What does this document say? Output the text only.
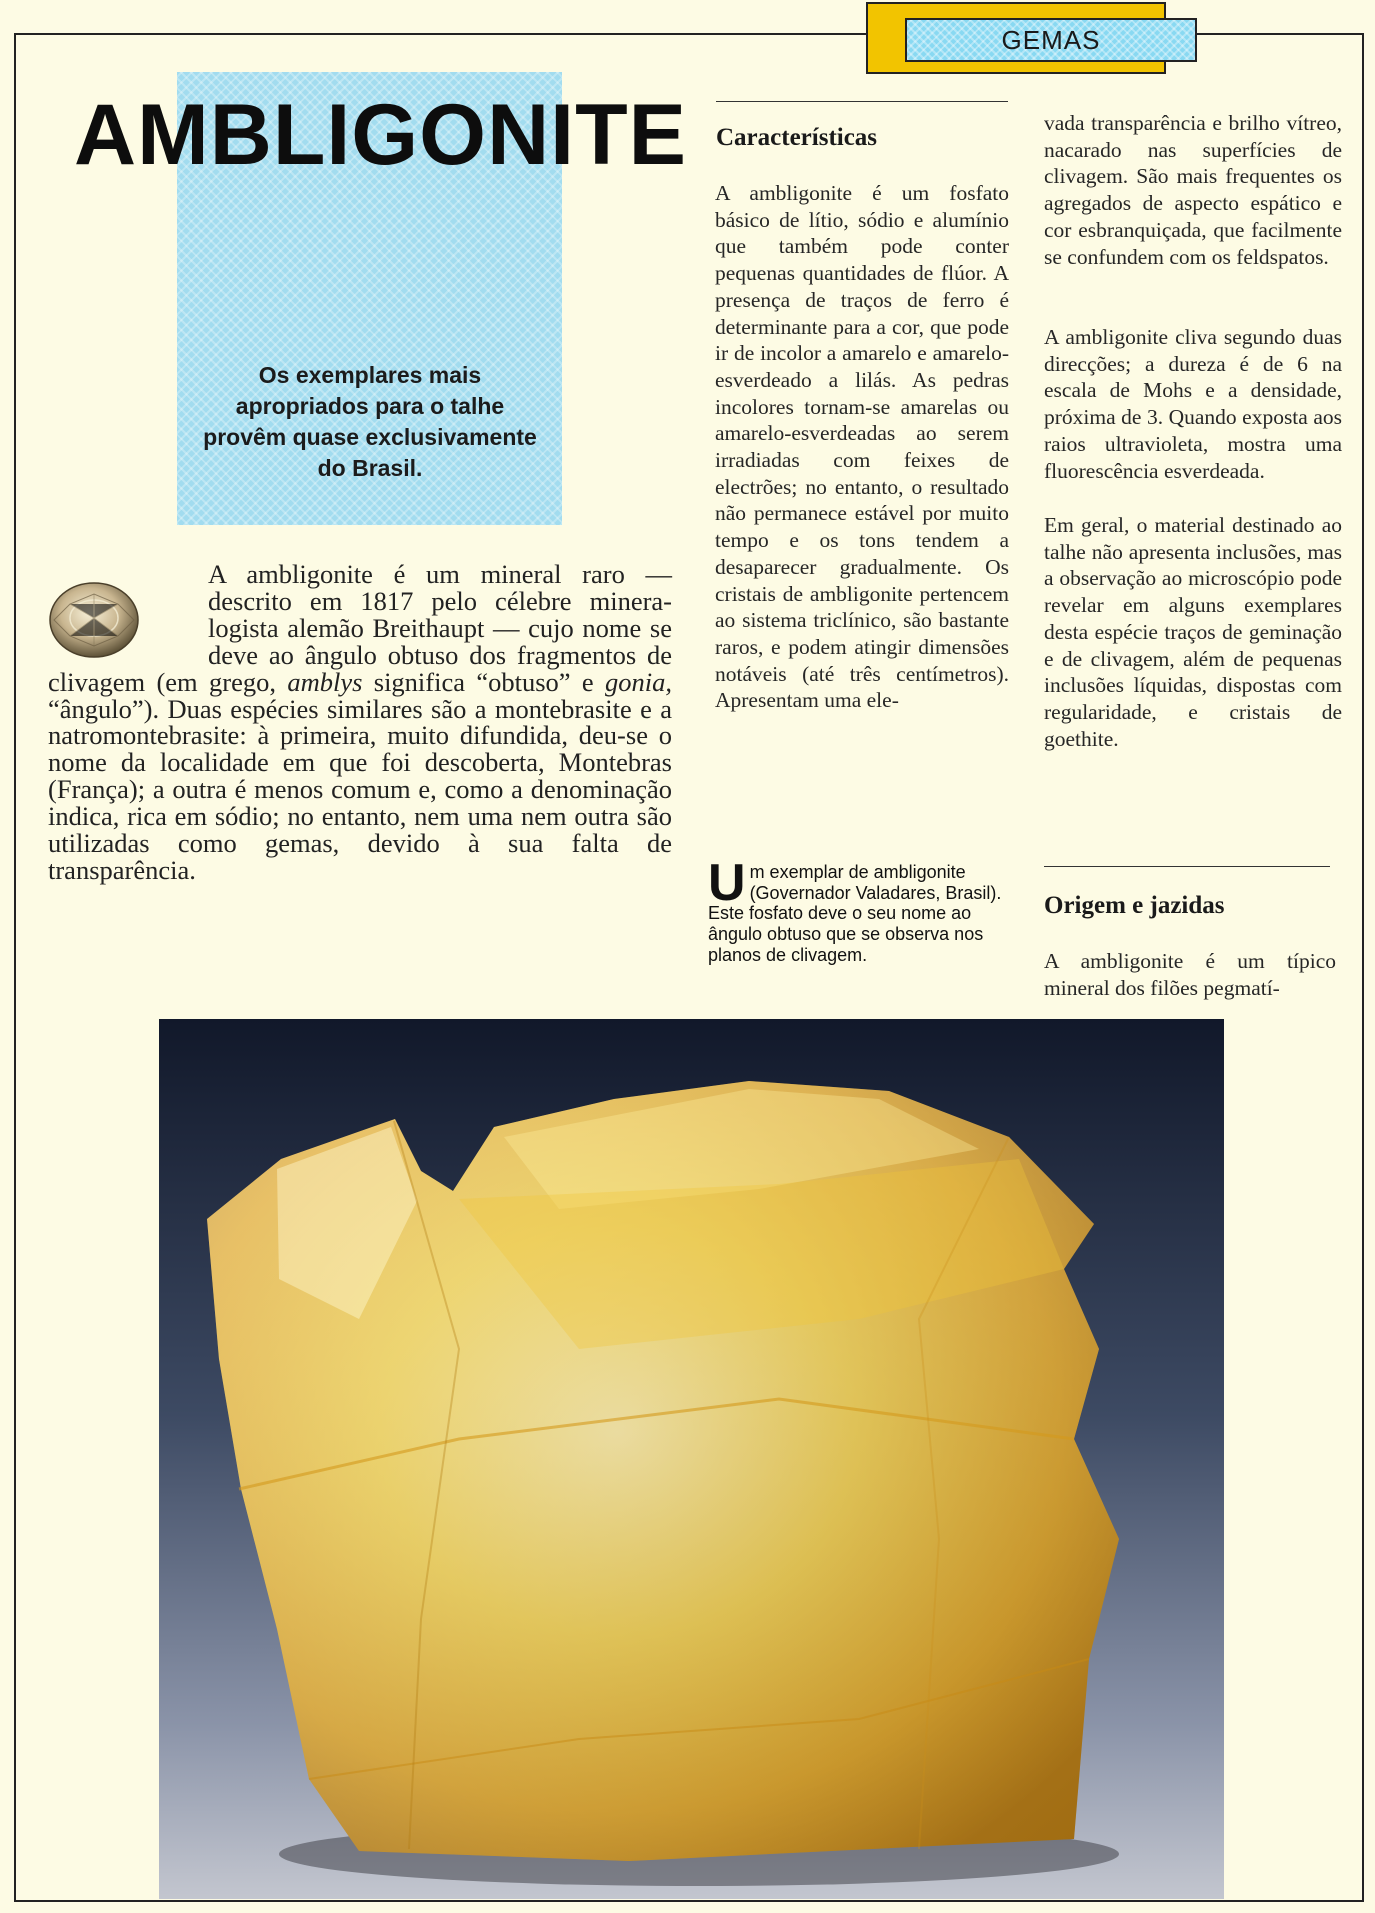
GEMAS
AMBLIGONITE

Os exemplares mais apropriados para o talhe provêm quase exclusivamente do Brasil.

A ambligonite é um mineral raro — descrito em 1817 pelo célebre mineralogista alemão Breithaupt — cujo nome se deve ao ângulo obtuso dos fragmentos de clivagem (em grego, amblys significa “obtuso” e gonia, “ângulo”). Duas espécies similares são a montebrasite e a natromontebrasite: à primeira, muito difundida, deu-se o nome da localidade em que foi descoberta, Montebras (França); a outra é menos comum e, como a denominação indica, rica em sódio; no entanto, nem uma nem outra são utilizadas como gemas, devido à sua falta de transparência.

Características

A ambligonite é um fosfato básico de lítio, sódio e alumínio que também pode conter pequenas quantidades de flúor. A presença de traços de ferro é determinante para a cor, que pode ir de incolor a amarelo e amarelo-esverdeado a lilás. As pedras incolores tornam-se amarelas ou amarelo-esverdeadas ao serem irradiadas com feixes de electrões; no entanto, o resultado não permanece estável por muito tempo e os tons tendem a desaparecer gradualmente. Os cristais de ambligonite pertencem ao sistema triclínico, são bastante raros, e podem atingir dimensões notáveis (até três centímetros). Apresentam uma ele-

vada transparência e brilho vítreo, nacarado nas superfícies de clivagem. São mais frequentes os agregados de aspecto espático e cor esbranquiçada, que facilmente se confundem com os feldspatos.

A ambligonite cliva segundo duas direcções; a dureza é de 6 na escala de Mohs e a densidade, próxima de 3. Quando exposta aos raios ultravioleta, mostra uma fluorescência esverdeada.

Em geral, o material destinado ao talhe não apresenta inclusões, mas a observação ao microscópio pode revelar em alguns exemplares desta espécie traços de geminação e de clivagem, além de pequenas inclusões líquidas, dispostas com regularidade, e cristais de goethite.

Origem e jazidas

A ambligonite é um típico mineral dos filões pegmatí-

Um exemplar de ambligonite (Governador Valadares, Brasil). Este fosfato deve o seu nome ao ângulo obtuso que se observa nos planos de clivagem.
